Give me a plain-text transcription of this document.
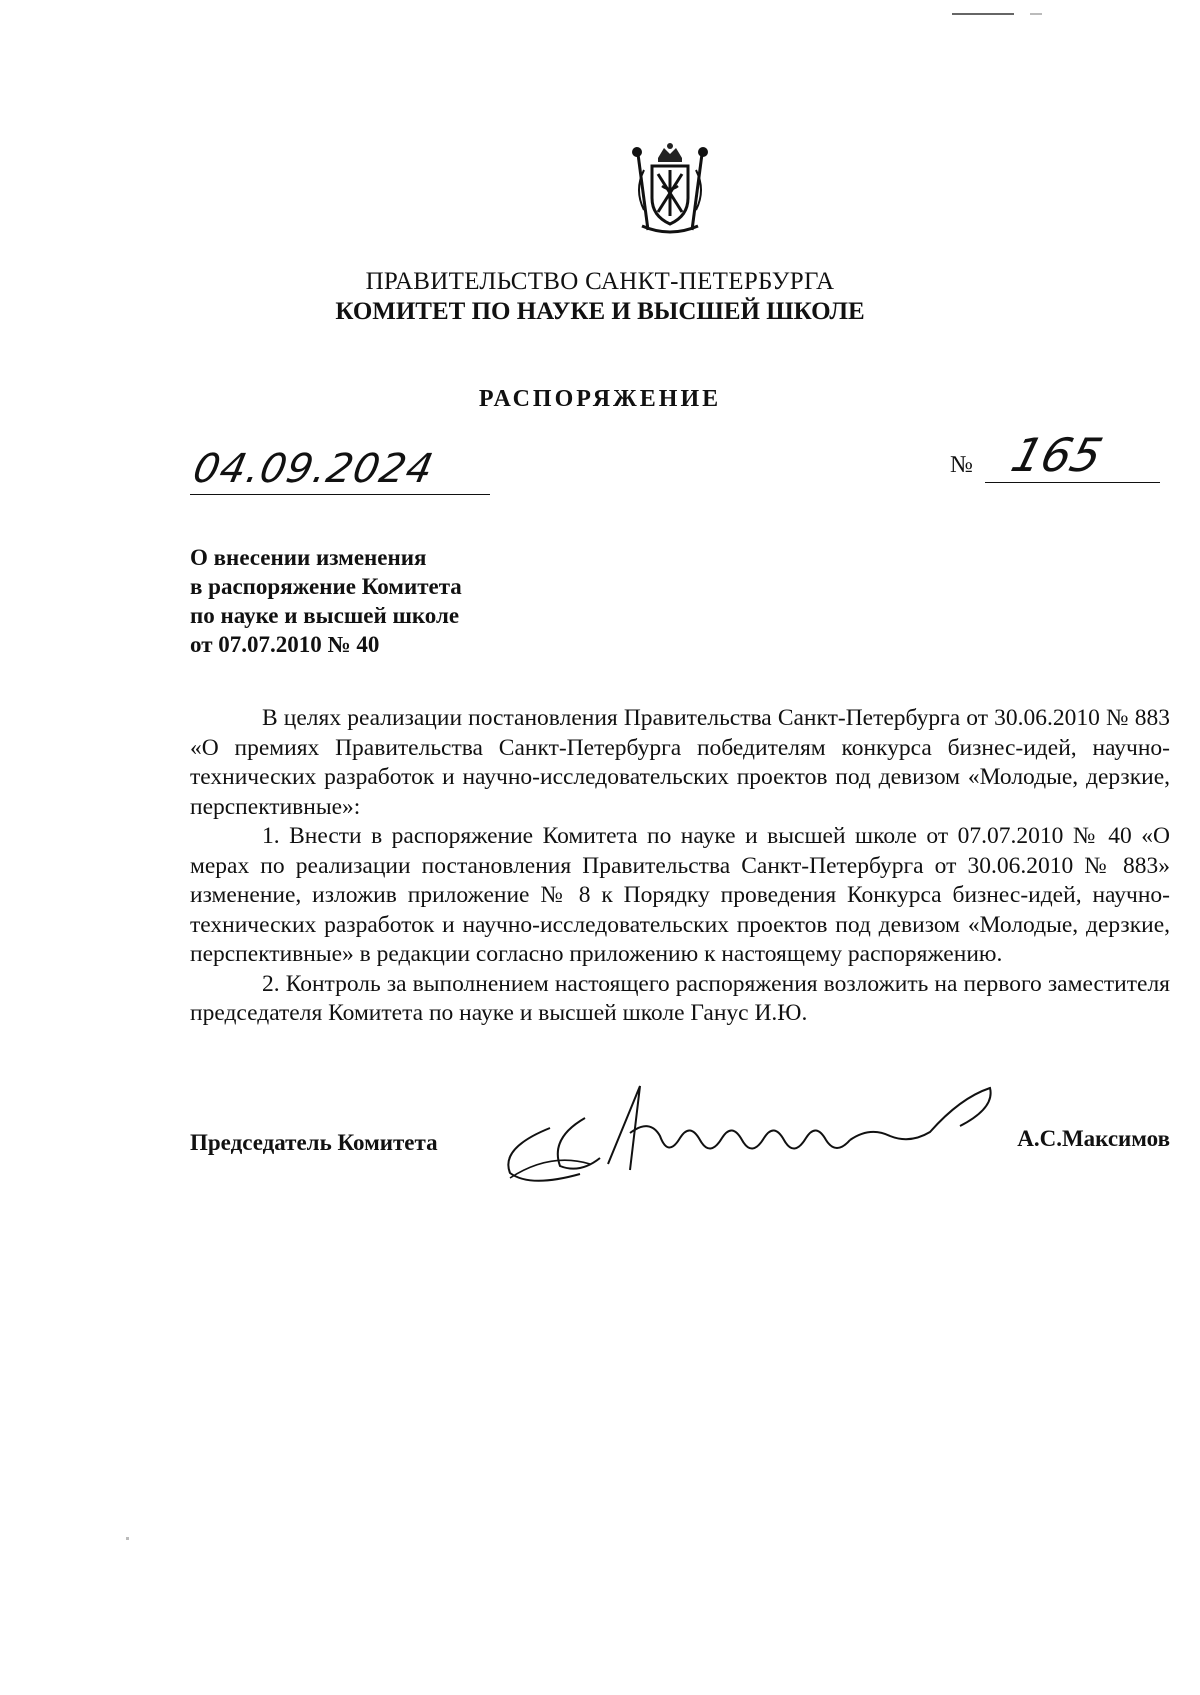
ПРАВИТЕЛЬСТВО САНКТ-ПЕТЕРБУРГА
КОМИТЕТ ПО НАУКЕ И ВЫСШЕЙ ШКОЛЕ
РАСПОРЯЖЕНИЕ
04.09.2024	№ 165
О внесении изменения
в распоряжение Комитета
по науке и высшей школе
от 07.07.2010 № 40

В целях реализации постановления Правительства Санкт-Петербурга от 30.06.2010 № 883 «О премиях Правительства Санкт-Петербурга победителям конкурса бизнес-идей, научно-технических разработок и научно-исследовательских проектов под девизом «Молодые, дерзкие, перспективные»:

1. Внести в распоряжение Комитета по науке и высшей школе от 07.07.2010 № 40 «О мерах по реализации постановления Правительства Санкт-Петербурга от 30.06.2010 № 883» изменение, изложив приложение № 8 к Порядку проведения Конкурса бизнес-идей, научно-технических разработок и научно-исследовательских проектов под девизом «Молодые, дерзкие, перспективные» в редакции согласно приложению к настоящему распоряжению.

2. Контроль за выполнением настоящего распоряжения возложить на первого заместителя председателя Комитета по науке и высшей школе Ганус И.Ю.

Председатель Комитета	А.С.Максимов
